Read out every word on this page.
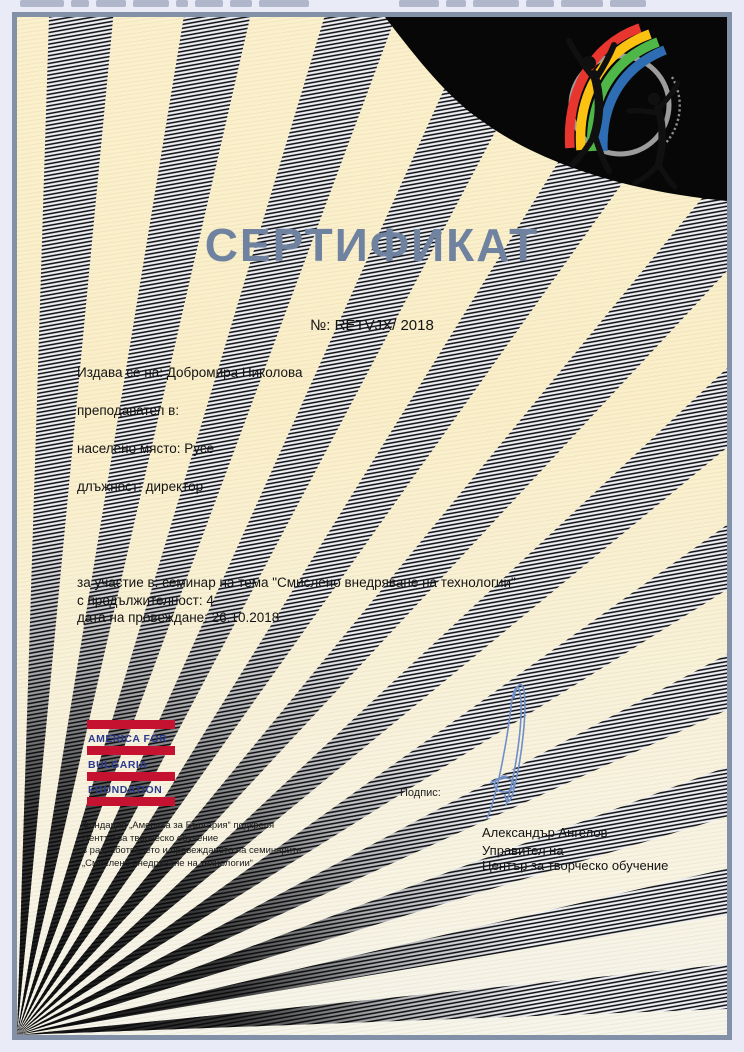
СЕРТИФИКАТ
№: RETVJX/ 2018
Издава се на: Добромира Николова
преподавател в:
населено място: Русе
длъжност: директор
за участие в: семинар на тема "Смислено внедряване на технологии"
с продължителност: 4
дата на провеждане: 26.10.2018
AMERICA FOR
BULGARIA
FOUNDATION
Фондация „Америка за България“ подкрепя
Център за творческо обучение
в разработването и провеждането на семинарите
„Смислено внедряване на технологии“.
Подпис:
Александър Ангелов
Управител на
Център за творческо обучение
